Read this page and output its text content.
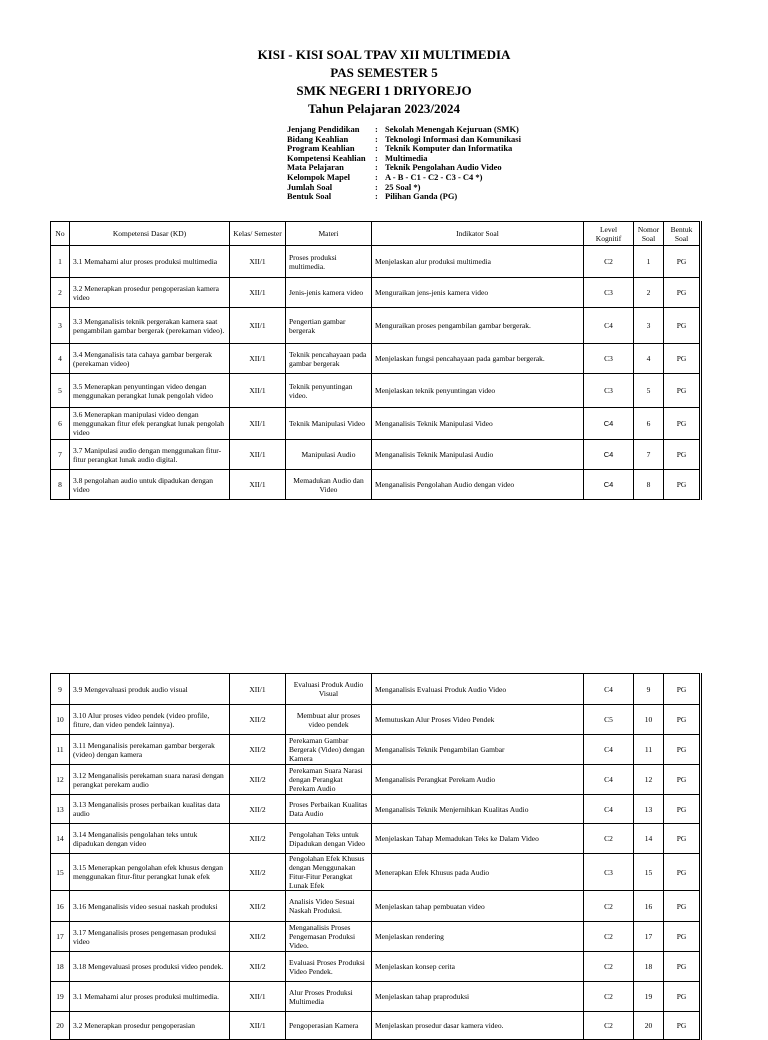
KISI - KISI SOAL TPAV XII MULTIMEDIA
PAS SEMESTER 5
SMK NEGERI 1 DRIYOREJO
Tahun Pelajaran 2023/2024
Jenjang Pendidikan	: Sekolah Menengah Kejuruan (SMK)
Bidang Keahlian	: Teknologi Informasi dan Komunikasi
Program Keahlian	: Teknik Komputer dan Informatika
Kompetensi Keahlian	: Multimedia
Mata Pelajaran	: Teknik Pengolahan Audio Video
Kelompok Mapel	: A - B - C1 - C2 - C3 - C4 *)
Jumlah Soal	: 25 Soal *)
Bentuk Soal	: Pilihan Ganda (PG)
No	Kompetensi Dasar (KD)	Kelas/ Semester	Materi	Indikator Soal	Level Kognitif	Nomor Soal	Bentuk Soal
1	3.1 Memahami alur proses produksi multimedia	XII/1	Proses produksi multimedia.	Menjelaskan alur produksi multimedia	C2	1	PG
2	3.2 Menerapkan prosedur pengoperasian kamera video	XII/1	Jenis-jenis kamera video	Menguraikan jens-jenis kamera video	C3	2	PG
3	3.3 Menganalisis teknik pergerakan kamera saat pengambilan gambar bergerak (perekaman video).	XII/1	Pengertian gambar bergerak	Menguraikan proses pengambilan gambar bergerak.	C4	3	PG
4	3.4 Menganalisis tata cahaya gambar bergerak (perekaman video)	XII/1	Teknik pencahayaan pada gambar bergerak	Menjelaskan fungsi pencahayaan pada gambar bergerak.	C3	4	PG
5	3.5 Menerapkan penyuntingan video dengan menggunakan perangkat lunak pengolah video	XII/1	Teknik penyuntingan video.	Menjelaskan teknik penyuntingan video	C3	5	PG
6	3.6 Menerapkan manipulasi video dengan menggunakan fitur efek perangkat lunak pengolah video	XII/1	Teknik Manipulasi Video	Menganalisis Teknik Manipulasi Video	C4	6	PG
7	3.7 Manipulasi audio dengan menggunakan fitur-fitur perangkat lunak audio digital.	XII/1	Manipulasi Audio	Menganalisis Teknik Manipulasi Audio	C4	7	PG
8	3.8 pengolahan audio untuk dipadukan dengan video	XII/1	Memadukan Audio dan Video	Menganalisis Pengolahan Audio dengan video	C4	8	PG
9	3.9 Mengevaluasi produk audio visual	XII/1	Evaluasi Produk Audio Visual	Menganalisis Evaluasi Produk Audio Video	C4	9	PG
10	3.10 Alur proses video pendek (video profile, fiture, dan video pendek lainnya).	XII/2	Membuat alur proses video pendek	Memutuskan Alur Proses Video Pendek	C5	10	PG
11	3.11 Menganalisis perekaman gambar bergerak (video) dengan kamera	XII/2	Perekaman Gambar Bergerak (Video) dengan Kamera	Menganalisis Teknik Pengambilan Gambar	C4	11	PG
12	3.12 Menganalisis perekaman suara narasi dengan perangkat perekam audio	XII/2	Perekaman Suara Narasi dengan Perangkat Perekam Audio	Menganalisis Perangkat Perekam Audio	C4	12	PG
13	3.13 Menganalisis proses perbaikan kualitas data audio	XII/2	Proses Perbaikan Kualitas Data Audio	Menganalisis Teknik Menjernihkan Kualitas Audio	C4	13	PG
14	3.14 Menganalisis pengolahan teks untuk dipadukan dengan video	XII/2	Pengolahan Teks untuk Dipadukan dengan Video	Menjelaskan Tahap Memadukan Teks ke Dalam Video	C2	14	PG
15	3.15 Menerapkan pengolahan efek khusus dengan menggunakan fitur-fitur perangkat lunak efek	XII/2	Pengolahan Efek Khusus dengan Menggunakan Fitur-Fitur Perangkat Lunak Efek	Menerapkan Efek Khusus pada Audio	C3	15	PG
16	3.16 Menganalisis video sesuai naskah produksi	XII/2	Analisis Video Sesuai Naskah Produksi.	Menjelaskan tahap pembuatan video	C2	16	PG
17	3.17 Menganalisis proses pengemasan produksi video	XII/2	Menganalisis Proses Pengemasan Produksi Video.	Menjelaskan rendering	C2	17	PG
18	3.18 Mengevaluasi proses produksi video pendek.	XII/2	Evaluasi Proses Produksi Video Pendek.	Menjelaskan konsep cerita	C2	18	PG
19	3.1 Memahami alur proses produksi multimedia.	XII/1	Alur Proses Produksi Multimedia	Menjelaskan tahap praproduksi	C2	19	PG
20	3.2 Menerapkan prosedur pengoperasian	XII/1	Pengoperasian Kamera	Menjelaskan prosedur dasar kamera video.	C2	20	PG
